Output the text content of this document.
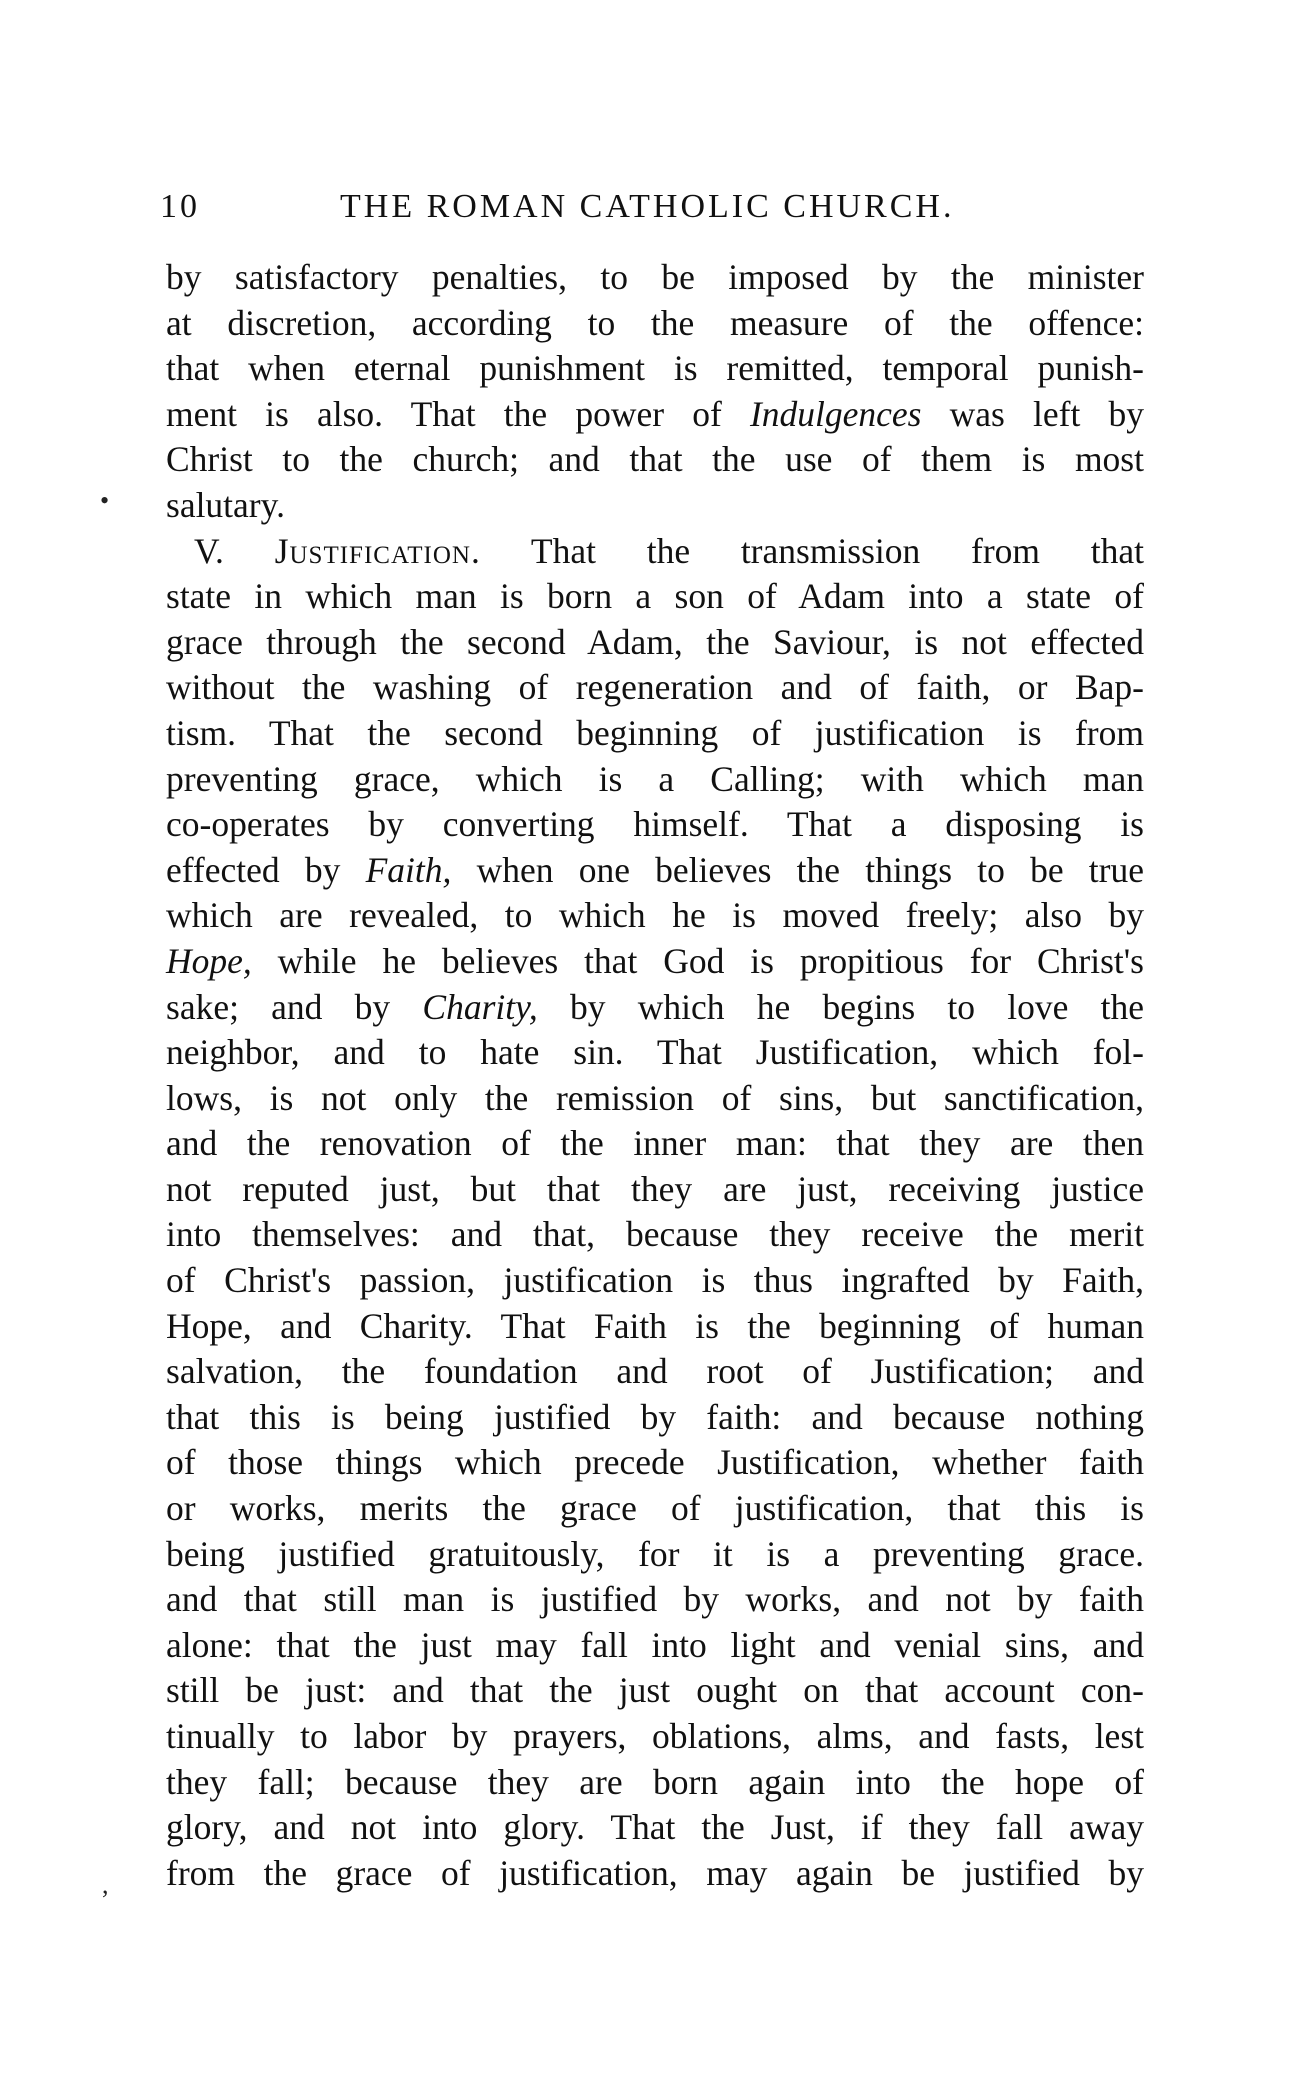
10	THE ROMAN CATHOLIC CHURCH.
•
,
by satisfactory penalties, to be imposed by the minister
at discretion, according to the measure of the offence:
that when eternal punishment is remitted, temporal punish-
ment is also. That the power of Indulgences was left by
Christ to the church; and that the use of them is most
salutary.
V. Justification. That the transmission from that
state in which man is born a son of Adam into a state of
grace through the second Adam, the Saviour, is not effected
without the washing of regeneration and of faith, or Bap-
tism. That the second beginning of justification is from
preventing grace, which is a Calling; with which man
co-operates by converting himself. That a disposing is
effected by Faith, when one believes the things to be true
which are revealed, to which he is moved freely; also by
Hope, while he believes that God is propitious for Christ's
sake; and by Charity, by which he begins to love the
neighbor, and to hate sin. That Justification, which fol-
lows, is not only the remission of sins, but sanctification,
and the renovation of the inner man: that they are then
not reputed just, but that they are just, receiving justice
into themselves: and that, because they receive the merit
of Christ's passion, justification is thus ingrafted by Faith,
Hope, and Charity. That Faith is the beginning of human
salvation, the foundation and root of Justification; and
that this is being justified by faith: and because nothing
of those things which precede Justification, whether faith
or works, merits the grace of justification, that this is
being justified gratuitously, for it is a preventing grace.
and that still man is justified by works, and not by faith
alone: that the just may fall into light and venial sins, and
still be just: and that the just ought on that account con-
tinually to labor by prayers, oblations, alms, and fasts, lest
they fall; because they are born again into the hope of
glory, and not into glory. That the Just, if they fall away
from the grace of justification, may again be justified by
